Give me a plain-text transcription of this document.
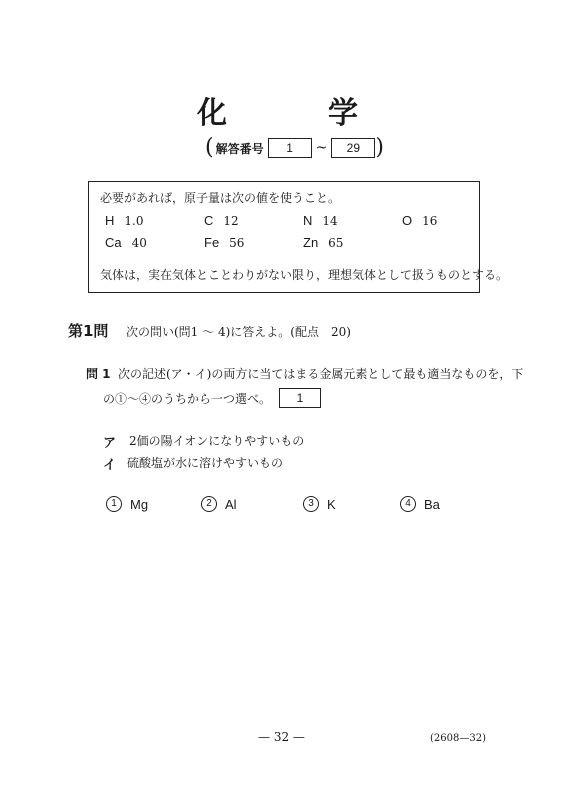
化	学
( 解答番号	1	~	29 )
必要があれば，原子量は次の値を使うこと。
H 1.0	C 12	N 14	O 16
Ca 40	Fe 56	Zn 65
気体は，実在気体とことわりがない限り，理想気体として扱うものとする。
第1問 次の問い(問1 ～ 4)に答えよ。(配点　20)
問 1 次の記述(ア・イ)の両方に当てはまる金属元素として最も適当なものを，下
の①～④のうちから一つ選べ。	1
ア 2価の陽イオンになりやすいもの
イ 硫酸塩が水に溶けやすいもの
1	Mg	2	Al	3	K	4	Ba
— 32 —	(2608—32)
